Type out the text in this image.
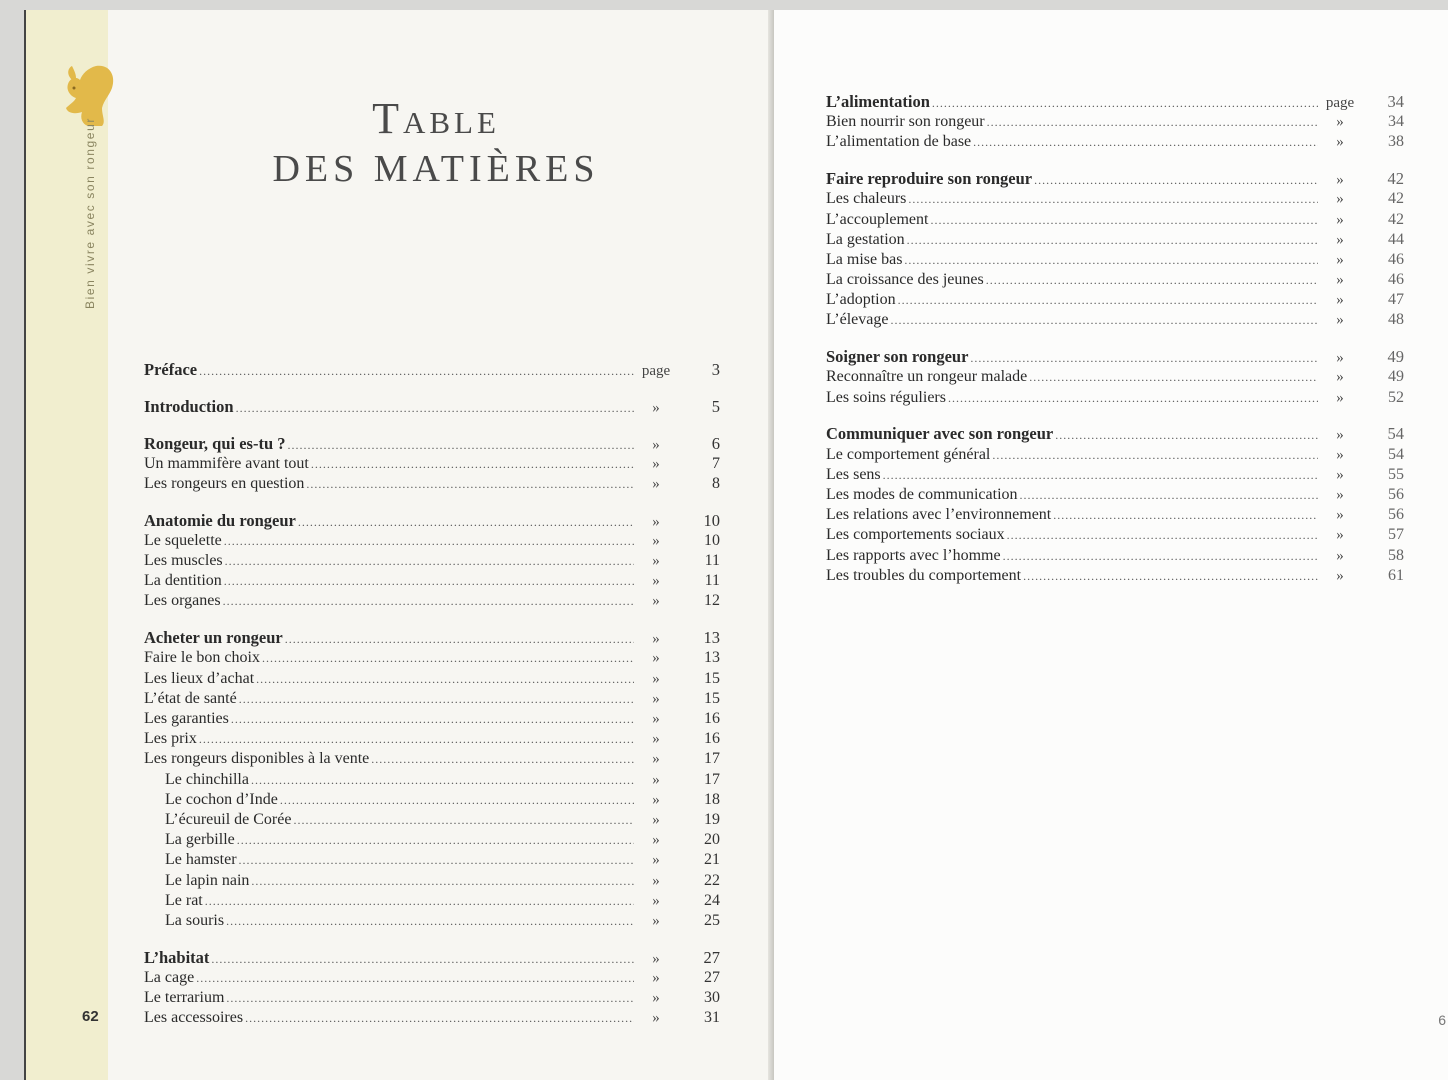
Bien vivre avec son rongeur
62
Table
DES MATIÈRES
Préface .....	page	3
Introduction .....	»	5
Rongeur, qui es-tu ? .....	»	6
Un mammifère avant tout .....	»	7
Les rongeurs en question .....	»	8
Anatomie du rongeur .....	»	10
Le squelette .....	»	10
Les muscles .....	»	11
La dentition .....	»	11
Les organes .....	»	12
Acheter un rongeur .....	»	13
Faire le bon choix .....	»	13
Les lieux d’achat .....	»	15
L’état de santé .....	»	15
Les garanties .....	»	16
Les prix .....	»	16
Les rongeurs disponibles à la vente .....	»	17
Le chinchilla .....	»	17
Le cochon d’Inde .....	»	18
L’écureuil de Corée .....	»	19
La gerbille .....	»	20
Le hamster .....	»	21
Le lapin nain .....	»	22
Le rat .....	»	24
La souris .....	»	25
L’habitat .....	»	27
La cage .....	»	27
Le terrarium .....	»	30
Les accessoires .....	»	31
L’alimentation .....	page	34
Bien nourrir son rongeur .....	»	34
L’alimentation de base .....	»	38
Faire reproduire son rongeur .....	»	42
Les chaleurs .....	»	42
L’accouplement .....	»	42
La gestation .....	»	44
La mise bas .....	»	46
La croissance des jeunes .....	»	46
L’adoption .....	»	47
L’élevage .....	»	48
Soigner son rongeur .....	»	49
Reconnaître un rongeur malade .....	»	49
Les soins réguliers .....	»	52
Communiquer avec son rongeur .....	»	54
Le comportement général .....	»	54
Les sens .....	»	55
Les modes de communication .....	»	56
Les relations avec l’environnement .....	»	56
Les comportements sociaux .....	»	57
Les rapports avec l’homme .....	»	58
Les troubles du comportement .....	»	61
6
